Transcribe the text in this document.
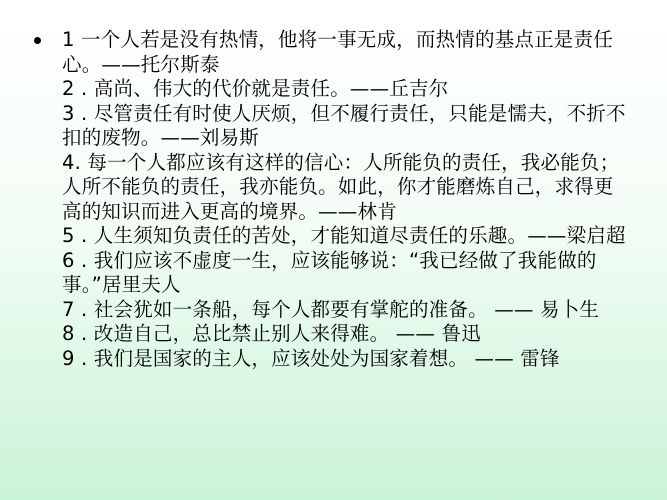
1 一个人若是没有热情，他将一事无成，而热情的基点正是责任心。——托尔斯泰
2 . 高尚、伟大的代价就是责任。——丘吉尔
3 . 尽管责任有时使人厌烦，但不履行责任，只能是懦夫，不折不扣的废物。——刘易斯
4. 每一个人都应该有这样的信心：人所能负的责任，我必能负；人所不能负的责任，我亦能负。如此，你才能磨炼自己，求得更高的知识而进入更高的境界。——林肯
5 . 人生须知负责任的苦处，才能知道尽责任的乐趣。——梁启超
6 . 我们应该不虚度一生，应该能够说：“我已经做了我能做的事。”居里夫人
7 . 社会犹如一条船，每个人都要有掌舵的准备。 —— 易卜生
8 . 改造自己，总比禁止别人来得难。 —— 鲁迅
9 . 我们是国家的主人，应该处处为国家着想。 —— 雷锋
